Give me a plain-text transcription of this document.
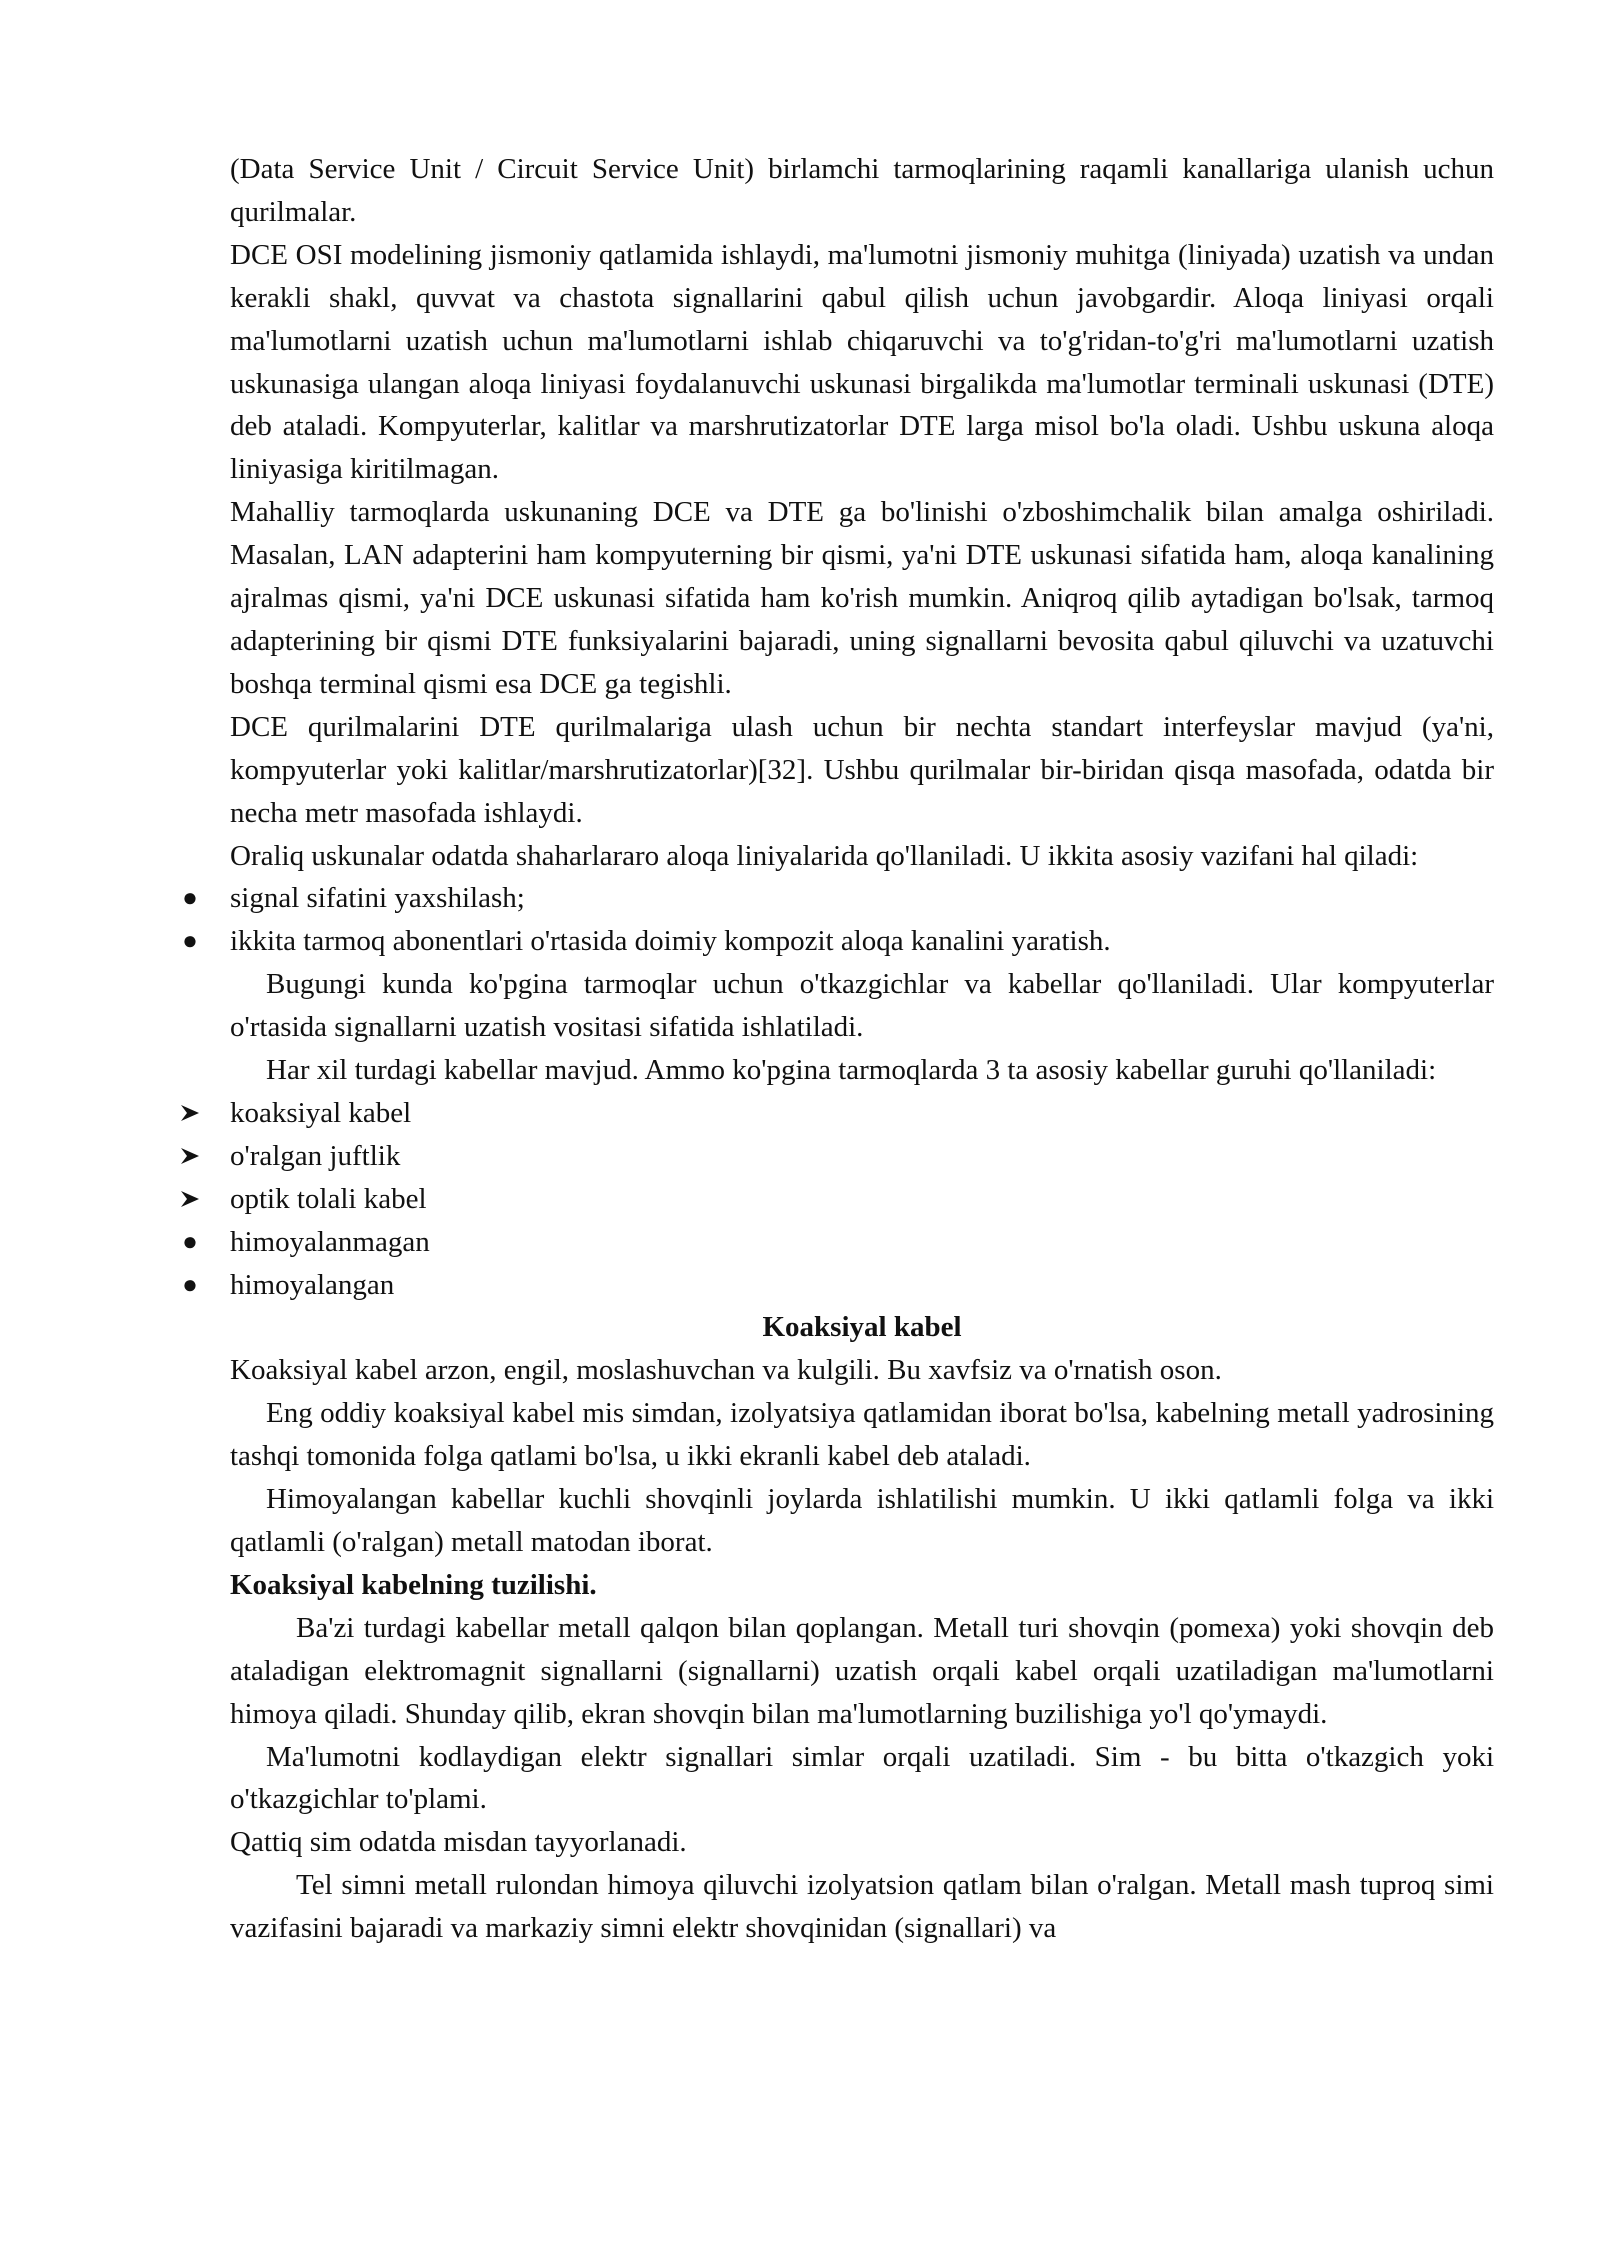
(Data Service Unit / Circuit Service Unit) birlamchi tarmoqlarining raqamli kanallariga ulanish uchun qurilmalar.

DCE OSI modelining jismoniy qatlamida ishlaydi, ma'lumotni jismoniy muhitga (liniyada) uzatish va undan kerakli shakl, quvvat va chastota signallarini qabul qilish uchun javobgardir. Aloqa liniyasi orqali ma'lumotlarni uzatish uchun ma'lumotlarni ishlab chiqaruvchi va to'g'ridan-to'g'ri ma'lumotlarni uzatish uskunasiga ulangan aloqa liniyasi foydalanuvchi uskunasi birgalikda ma'lumotlar terminali uskunasi (DTE) deb ataladi. Kompyuterlar, kalitlar va marshrutizatorlar DTE larga misol bo'la oladi. Ushbu uskuna aloqa liniyasiga kiritilmagan.

Mahalliy tarmoqlarda uskunaning DCE va DTE ga bo'linishi o'zboshimchalik bilan amalga oshiriladi. Masalan, LAN adapterini ham kompyuterning bir qismi, ya'ni DTE uskunasi sifatida ham, aloqa kanalining ajralmas qismi, ya'ni DCE uskunasi sifatida ham ko'rish mumkin. Aniqroq qilib aytadigan bo'lsak, tarmoq adapterining bir qismi DTE funksiyalarini bajaradi, uning signallarni bevosita qabul qiluvchi va uzatuvchi boshqa terminal qismi esa DCE ga tegishli.

DCE qurilmalarini DTE qurilmalariga ulash uchun bir nechta standart interfeyslar mavjud (ya'ni, kompyuterlar yoki kalitlar/marshrutizatorlar)[32]. Ushbu qurilmalar bir-biridan qisqa masofada, odatda bir necha metr masofada ishlaydi.

Oraliq uskunalar odatda shaharlararo aloqa liniyalarida qo'llaniladi. U ikkita asosiy vazifani hal qiladi:

● signal sifatini yaxshilash;
● ikkita tarmoq abonentlari o'rtasida doimiy kompozit aloqa kanalini yaratish.

Bugungi kunda ko'pgina tarmoqlar uchun o'tkazgichlar va kabellar qo'llaniladi. Ular kompyuterlar o'rtasida signallarni uzatish vositasi sifatida ishlatiladi.

Har xil turdagi kabellar mavjud. Ammo ko'pgina tarmoqlarda 3 ta asosiy kabellar guruhi qo'llaniladi:

koaksiyal kabel
o'ralgan juftlik
optik tolali kabel
● himoyalanmagan
● himoyalangan

Koaksiyal kabel

Koaksiyal kabel arzon, engil, moslashuvchan va kulgili. Bu xavfsiz va o'rnatish oson.

Eng oddiy koaksiyal kabel mis simdan, izolyatsiya qatlamidan iborat bo'lsa, kabelning metall yadrosining tashqi tomonida folga qatlami bo'lsa, u ikki ekranli kabel deb ataladi.

Himoyalangan kabellar kuchli shovqinli joylarda ishlatilishi mumkin. U ikki qatlamli folga va ikki qatlamli (o'ralgan) metall matodan iborat.

Koaksiyal kabelning tuzilishi.

Ba'zi turdagi kabellar metall qalqon bilan qoplangan. Metall turi shovqin (pomexa) yoki shovqin deb ataladigan elektromagnit signallarni (signallarni) uzatish orqali kabel orqali uzatiladigan ma'lumotlarni himoya qiladi. Shunday qilib, ekran shovqin bilan ma'lumotlarning buzilishiga yo'l qo'ymaydi.

Ma'lumotni kodlaydigan elektr signallari simlar orqali uzatiladi. Sim - bu bitta o'tkazgich yoki o'tkazgichlar to'plami.

Qattiq sim odatda misdan tayyorlanadi.

Tel simni metall rulondan himoya qiluvchi izolyatsion qatlam bilan o'ralgan. Metall mash tuproq simi vazifasini bajaradi va markaziy simni elektr shovqinidan (signallari) va
